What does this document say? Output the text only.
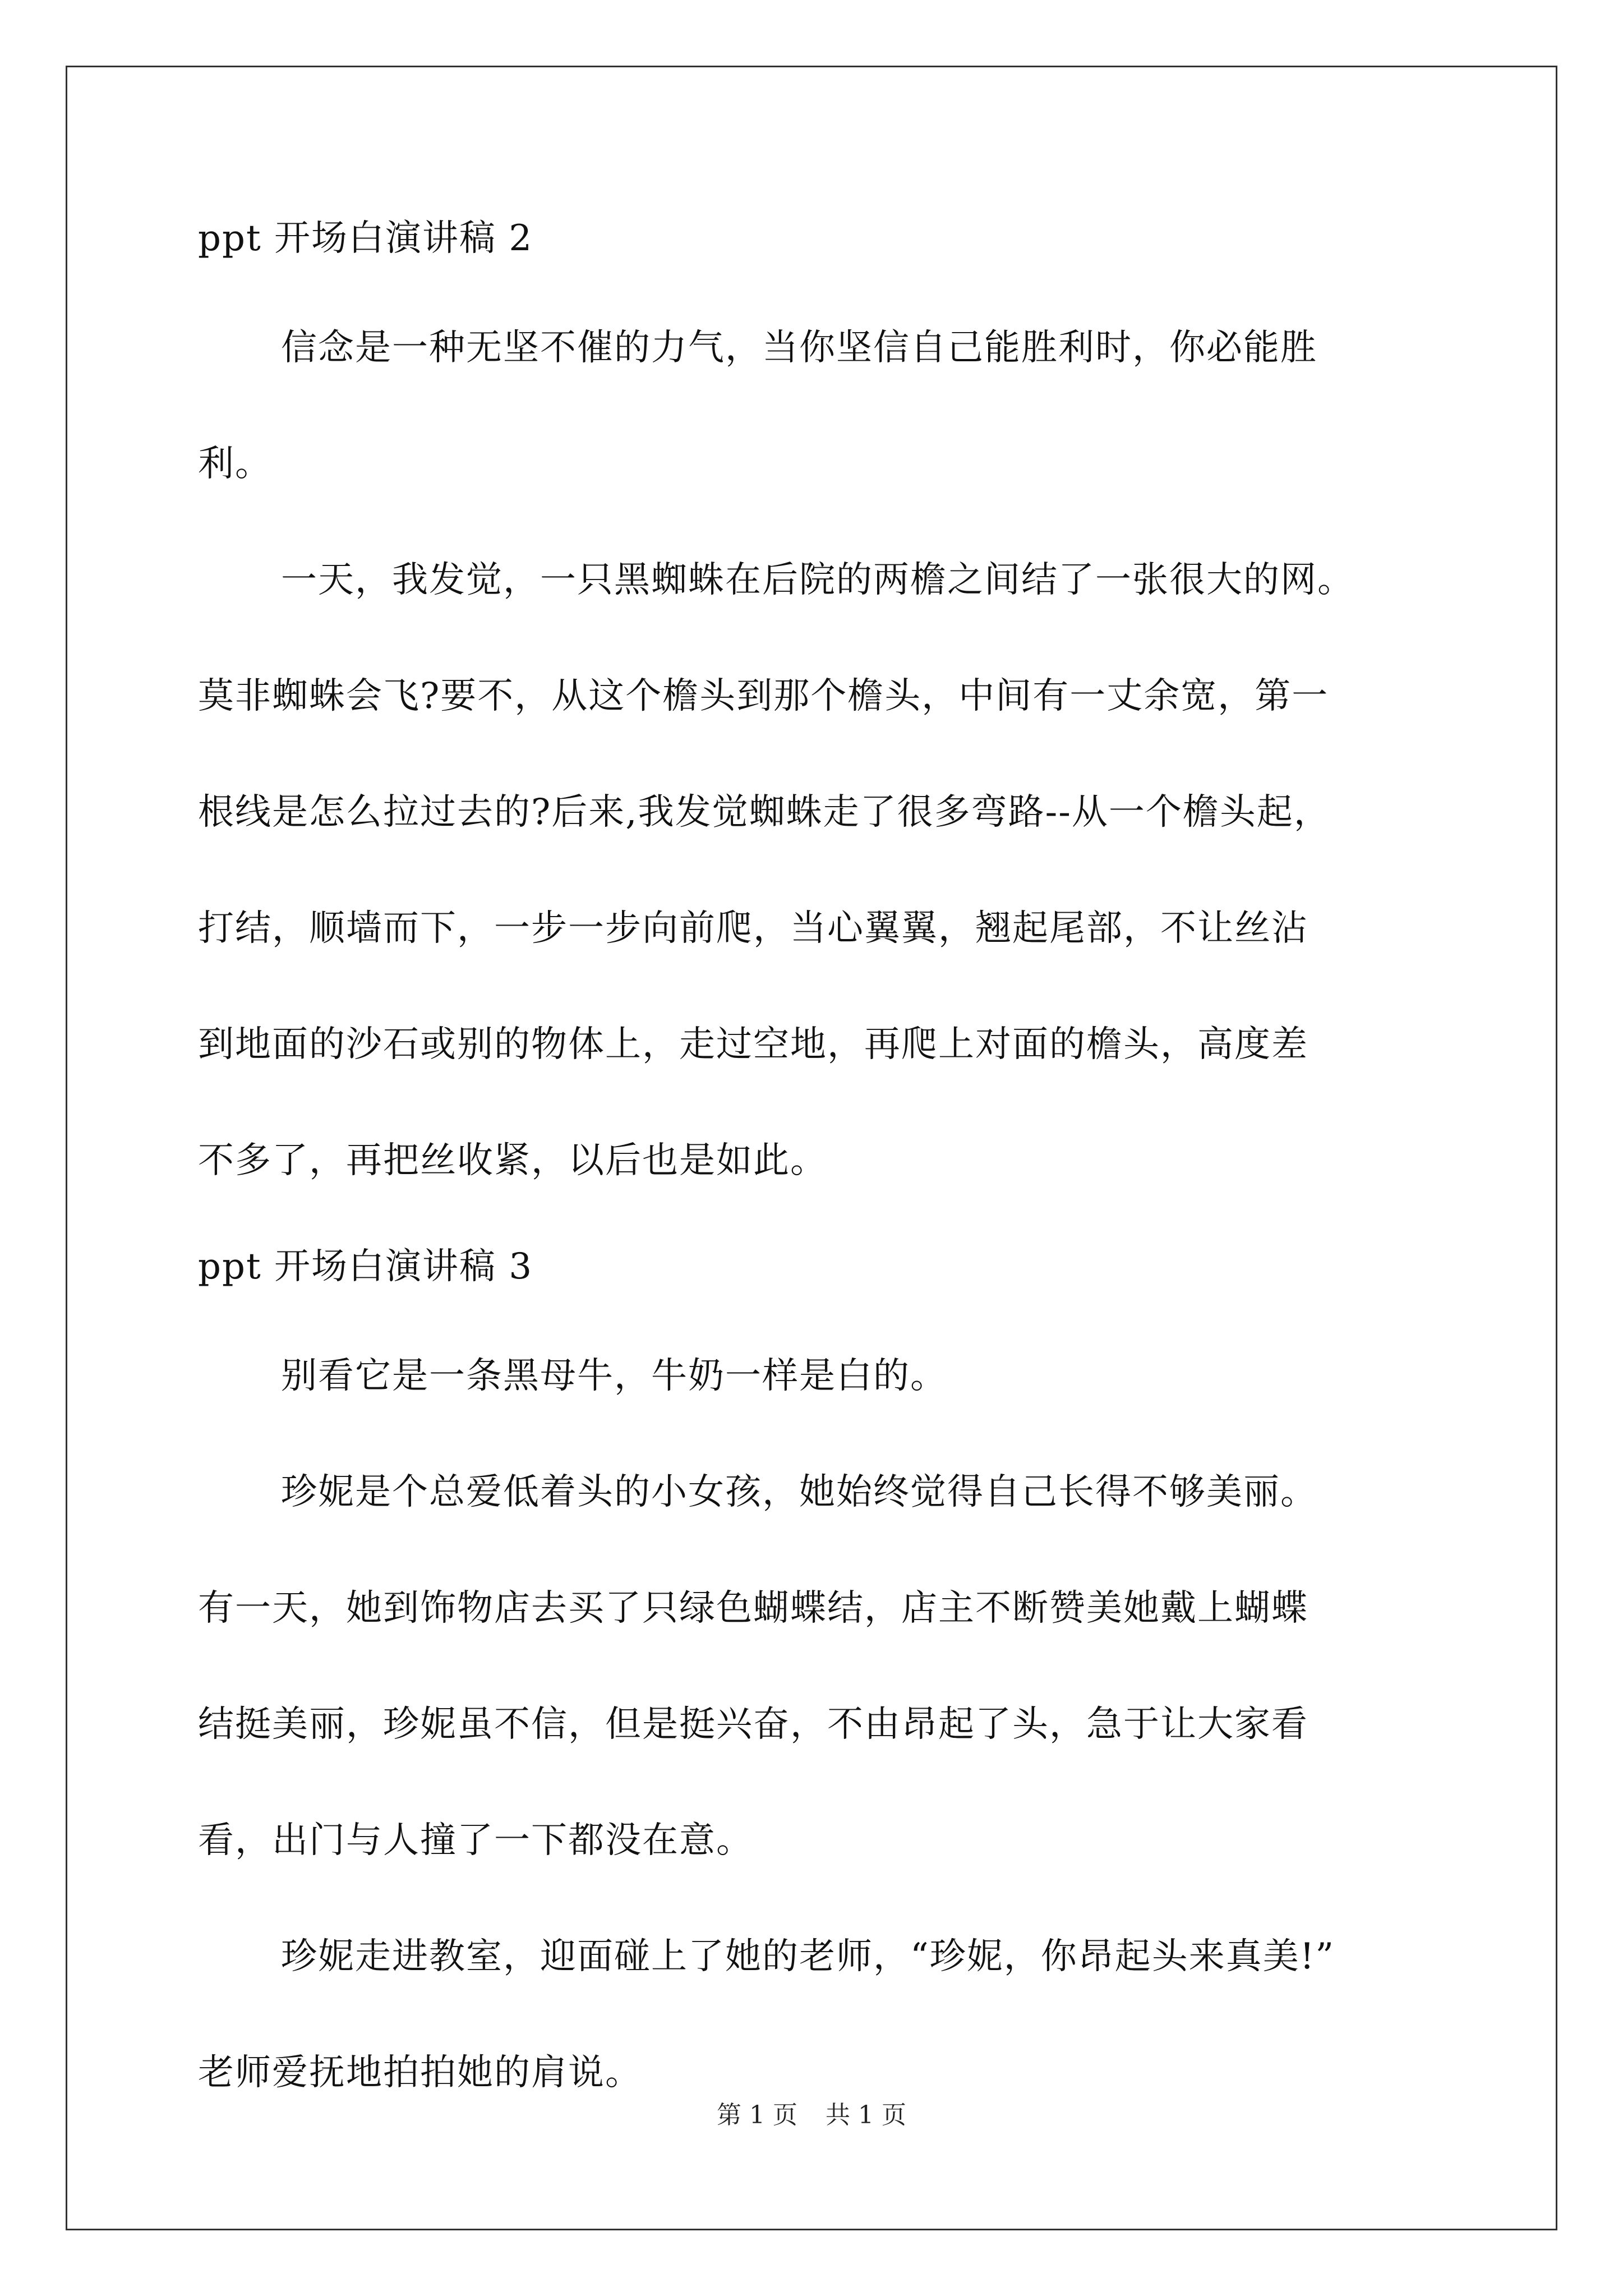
ppt 开场白演讲稿 2
信念是一种无坚不催的力气，当你坚信自己能胜利时，你必能胜
利。
一天，我发觉，一只黑蜘蛛在后院的两檐之间结了一张很大的网。
莫非蜘蛛会飞?要不，从这个檐头到那个檐头，中间有一丈余宽，第一
根线是怎么拉过去的?后来,我发觉蜘蛛走了很多弯路--从一个檐头起，
打结，顺墙而下，一步一步向前爬，当心翼翼，翘起尾部，不让丝沾
到地面的沙石或别的物体上，走过空地，再爬上对面的檐头，高度差
不多了，再把丝收紧，以后也是如此。
ppt 开场白演讲稿 3
别看它是一条黑母牛，牛奶一样是白的。
珍妮是个总爱低着头的小女孩，她始终觉得自己长得不够美丽。
有一天，她到饰物店去买了只绿色蝴蝶结，店主不断赞美她戴上蝴蝶
结挺美丽，珍妮虽不信，但是挺兴奋，不由昂起了头，急于让大家看
看，出门与人撞了一下都没在意。
珍妮走进教室，迎面碰上了她的老师，“珍妮，你昂起头来真美!”
老师爱抚地拍拍她的肩说。
第 1 页 共 1 页
